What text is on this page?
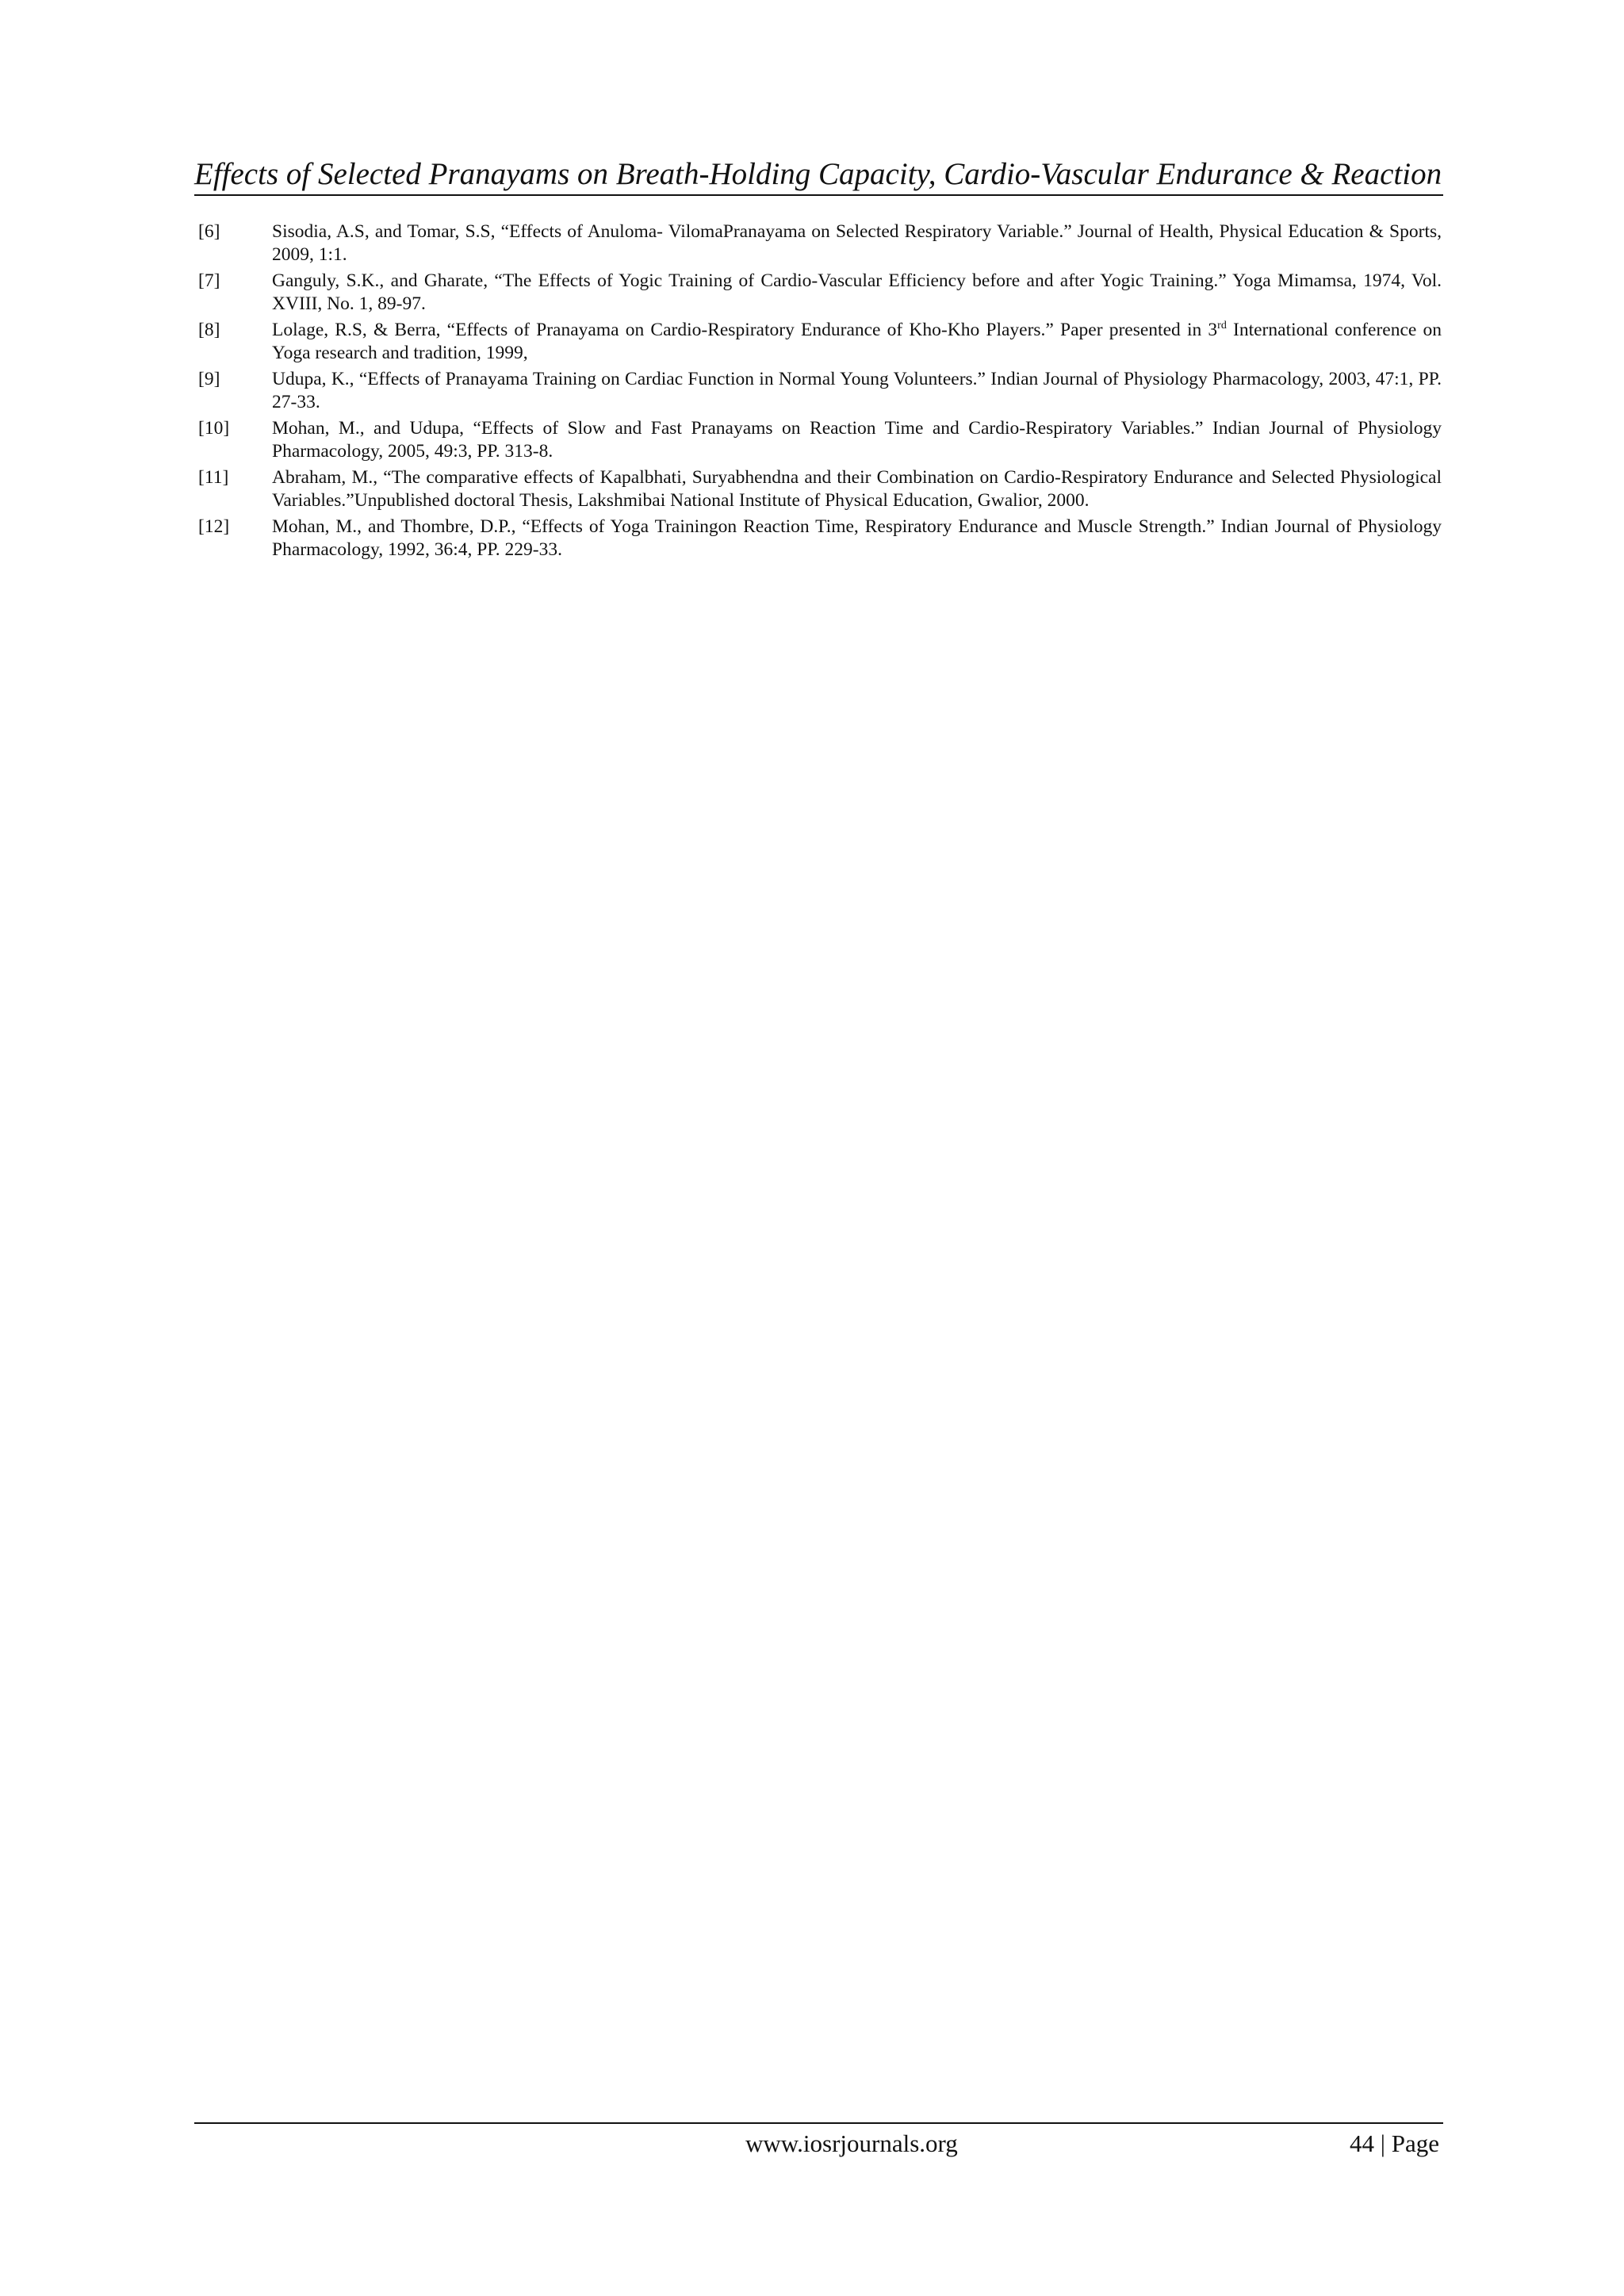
Effects of Selected Pranayams on Breath-Holding Capacity, Cardio-Vascular Endurance & Reaction
[6]	Sisodia, A.S, and Tomar, S.S, “Effects of Anuloma- VilomaPranayama on Selected Respiratory Variable.” Journal of Health, Physical Education & Sports, 2009, 1:1.
[7]	Ganguly, S.K., and Gharate, “The Effects of Yogic Training of Cardio-Vascular Efficiency before and after Yogic Training.” Yoga Mimamsa, 1974, Vol. XVIII, No. 1, 89-97.
[8]	Lolage, R.S, & Berra, “Effects of Pranayama on Cardio-Respiratory Endurance of Kho-Kho Players.” Paper presented in 3rd International conference on Yoga research and tradition, 1999,
[9]	Udupa, K., “Effects of Pranayama Training on Cardiac Function in Normal Young Volunteers.” Indian Journal of Physiology Pharmacology, 2003, 47:1, PP. 27-33.
[10] Mohan, M., and Udupa, “Effects of Slow and Fast Pranayams on Reaction Time and Cardio-Respiratory Variables.” Indian Journal of Physiology Pharmacology, 2005, 49:3, PP. 313-8.
[11] Abraham, M., “The comparative effects of Kapalbhati, Suryabhendna and their Combination on Cardio-Respiratory Endurance and Selected Physiological Variables.”Unpublished doctoral Thesis, Lakshmibai National Institute of Physical Education, Gwalior, 2000.
[12] Mohan, M., and Thombre, D.P., “Effects of Yoga Trainingon Reaction Time, Respiratory Endurance and Muscle Strength.” Indian Journal of Physiology Pharmacology, 1992, 36:4, PP. 229-33.
www.iosrjournals.org	44 | Page
